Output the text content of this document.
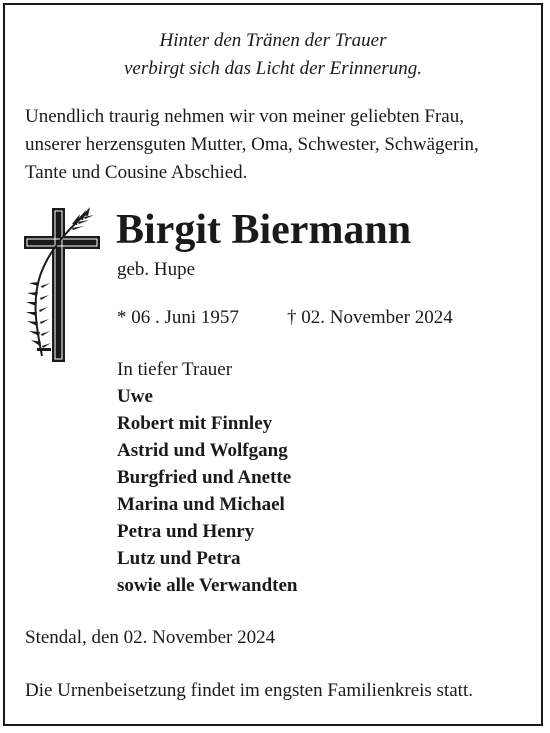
Hinter den Tränen der Trauer
verbirgt sich das Licht der Erinnerung.
Unendlich traurig nehmen wir von meiner geliebten Frau,
unserer herzensguten Mutter, Oma, Schwester, Schwägerin,
Tante und Cousine Abschied.
Birgit Biermann
geb. Hupe
* 06 . Juni 1957	† 02. November 2024
In tiefer Trauer
Uwe
Robert mit Finnley
Astrid und Wolfgang
Burgfried und Anette
Marina und Michael
Petra und Henry
Lutz und Petra
sowie alle Verwandten
Stendal, den 02. November 2024
Die Urnenbeisetzung findet im engsten Familienkreis statt.
